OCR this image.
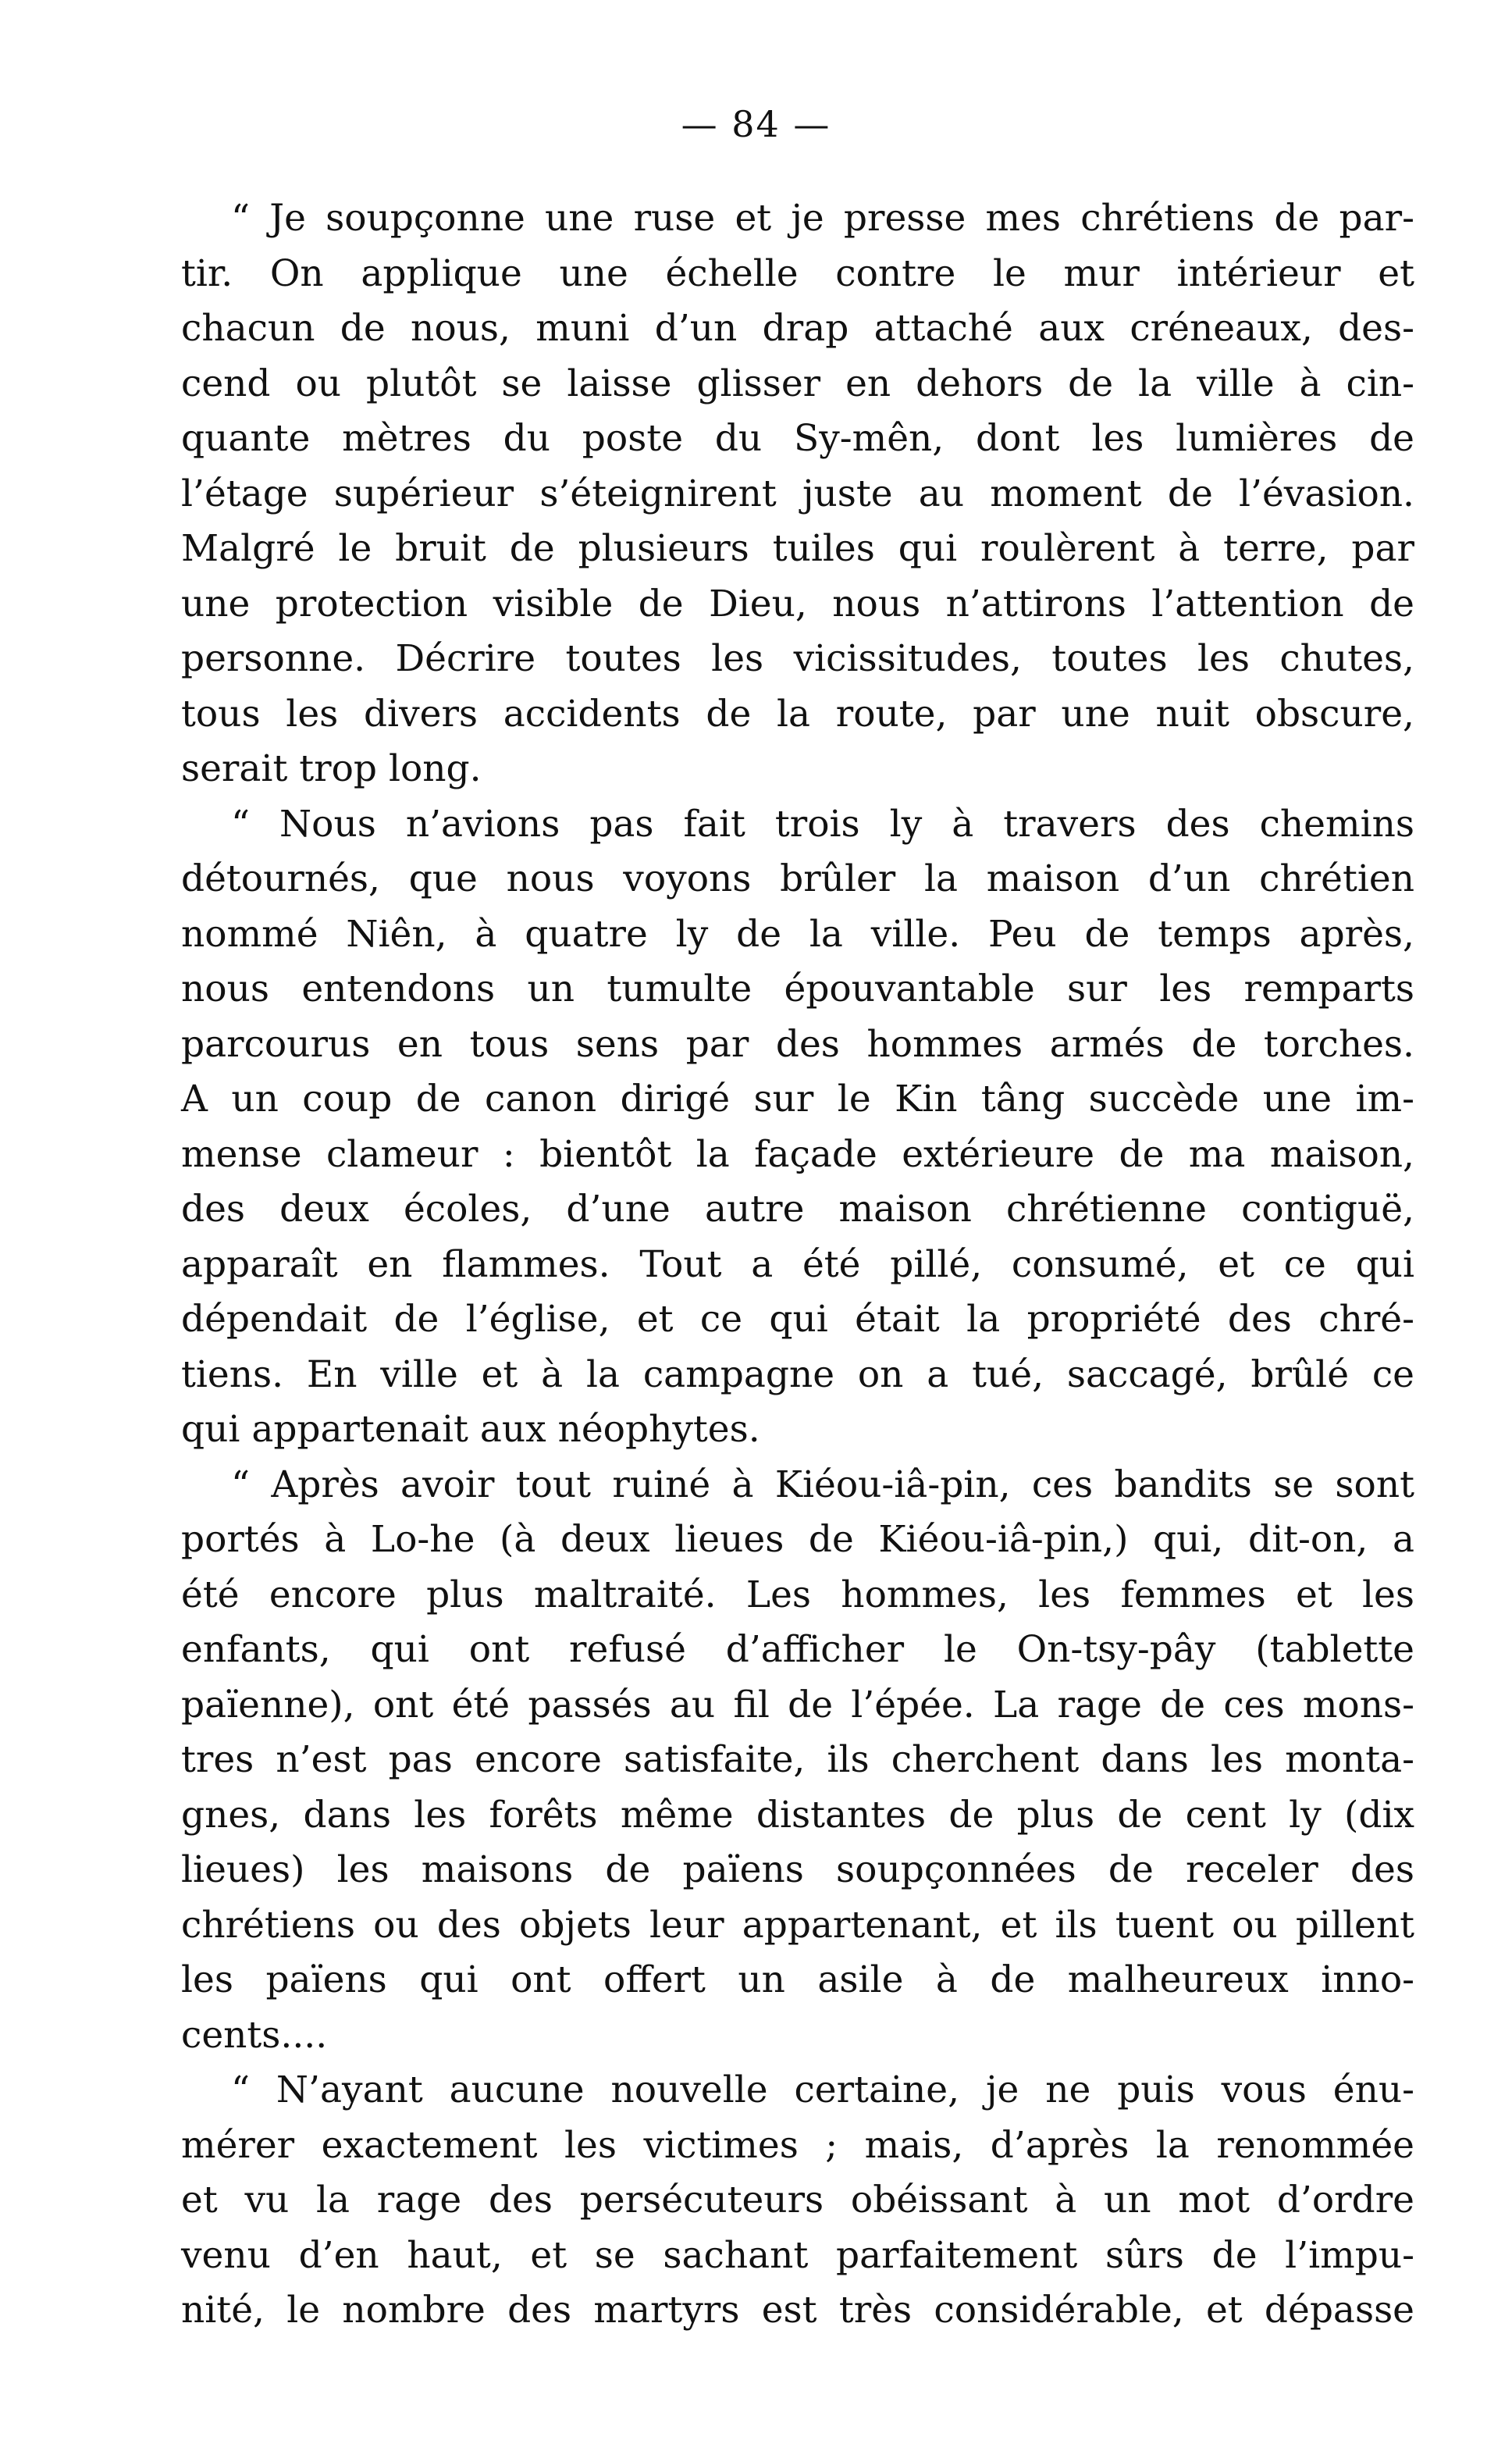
— 84 —
“ Je soupçonne une ruse et je presse mes chrétiens de par-
tir. On applique une échelle contre le mur intérieur et
chacun de nous, muni d’un drap attaché aux créneaux, des-
cend ou plutôt se laisse glisser en dehors de la ville à cin-
quante mètres du poste du Sy-mên, dont les lumières de
l’étage supérieur s’éteignirent juste au moment de l’évasion.
Malgré le bruit de plusieurs tuiles qui roulèrent à terre, par
une protection visible de Dieu, nous n’attirons l’attention de
personne. Décrire toutes les vicissitudes, toutes les chutes,
tous les divers accidents de la route, par une nuit obscure,
serait trop long.
“ Nous n’avions pas fait trois ly à travers des chemins
détournés, que nous voyons brûler la maison d’un chrétien
nommé Niên, à quatre ly de la ville. Peu de temps après,
nous entendons un tumulte épouvantable sur les remparts
parcourus en tous sens par des hommes armés de torches.
A un coup de canon dirigé sur le Kin tâng succède une im-
mense clameur : bientôt la façade extérieure de ma maison,
des deux écoles, d’une autre maison chrétienne contiguë,
apparaît en flammes. Tout a été pillé, consumé, et ce qui
dépendait de l’église, et ce qui était la propriété des chré-
tiens. En ville et à la campagne on a tué, saccagé, brûlé ce
qui appartenait aux néophytes.
“ Après avoir tout ruiné à Kiéou-iâ-pin, ces bandits se sont
portés à Lo-he (à deux lieues de Kiéou-iâ-pin,) qui, dit-on, a
été encore plus maltraité. Les hommes, les femmes et les
enfants, qui ont refusé d’afficher le On-tsy-pây (tablette
païenne), ont été passés au fil de l’épée. La rage de ces mons-
tres n’est pas encore satisfaite, ils cherchent dans les monta-
gnes, dans les forêts même distantes de plus de cent ly (dix
lieues) les maisons de païens soupçonnées de receler des
chrétiens ou des objets leur appartenant, et ils tuent ou pillent
les païens qui ont offert un asile à de malheureux inno-
cents....
“ N’ayant aucune nouvelle certaine, je ne puis vous énu-
mérer exactement les victimes ; mais, d’après la renommée
et vu la rage des persécuteurs obéissant à un mot d’ordre
venu d’en haut, et se sachant parfaitement sûrs de l’impu-
nité, le nombre des martyrs est très considérable, et dépasse
